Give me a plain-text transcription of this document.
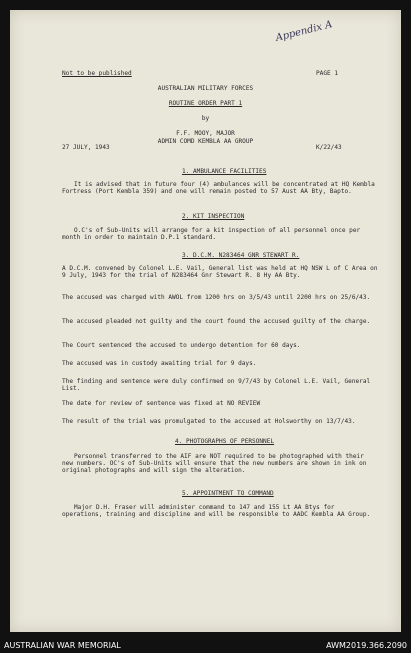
Appendix A
Not to be published	PAGE 1
AUSTRALIAN MILITARY FORCES
ROUTINE ORDER PART 1
by
F.F. MOOY, MAJOR
ADMIN COMD KEMBLA AA GROUP
27 JULY, 1943	K/22/43
1. AMBULANCE FACILITIES
It is advised that in future four (4) ambulances will be concentrated at HQ Kembla Fortress (Port Kembla 359) and one will remain posted to 57 Aust AA Bty, Bapto.
2. KIT INSPECTION
O.C's of Sub-Units will arrange for a kit inspection of all personnel once per month in order to maintain D.P.1 standard.
3. D.C.M. N283464 GNR STEWART R.
A D.C.M. convened by Colonel L.E. Vail, General list was held at HQ NSW L of C Area on 9 July, 1943 for the trial of N283464 Gnr Stewart R. 8 Hy AA Bty.
The accused was charged with AWOL from 1200 hrs on 3/5/43 until 2200 hrs on 25/6/43.
The accused pleaded not guilty and the court found the accused guilty of the charge.
The Court sentenced the accused to undergo detention for 60 days.
The accused was in custody awaiting trial for 9 days.
The finding and sentence were duly confirmed on 9/7/43 by Colonel L.E. Vail, General List.
The date for review of sentence was fixed at NO REVIEW
The result of the trial was promulgated to the accused at Holsworthy on 13/7/43.
4. PHOTOGRAPHS OF PERSONNEL
Personnel transferred to the AIF are NOT required to be photographed with their new numbers. OC's of Sub-Units will ensure that the new numbers are shown in ink on original photographs and will sign the alteration.
5. APPOINTMENT TO COMMAND
Major D.H. Fraser will administer command to 147 and 155 Lt AA Btys for operations, training and discipline and will be responsible to AADC Kembla AA Group.
AUSTRALIAN WAR MEMORIAL	AWM2019.366.2090
